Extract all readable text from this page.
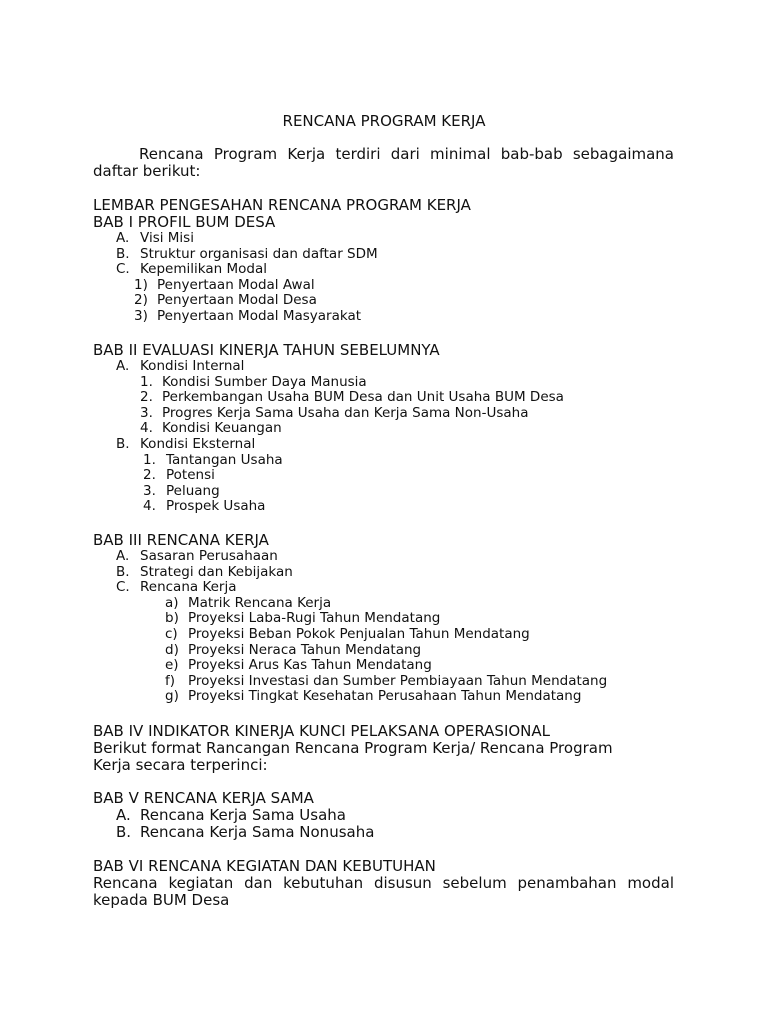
RENCANA PROGRAM KERJA
Rencana Program Kerja terdiri dari minimal bab-bab sebagaimana daftar berikut:
LEMBAR PENGESAHAN RENCANA PROGRAM KERJA
BAB I PROFIL BUM DESA
A. Visi Misi
B. Struktur organisasi dan daftar SDM
C. Kepemilikan Modal
1) Penyertaan Modal Awal
2) Penyertaan Modal Desa
3) Penyertaan Modal Masyarakat
BAB II EVALUASI KINERJA TAHUN SEBELUMNYA
A. Kondisi Internal
1. Kondisi Sumber Daya Manusia
2. Perkembangan Usaha BUM Desa dan Unit Usaha BUM Desa
3. Progres Kerja Sama Usaha dan Kerja Sama Non-Usaha
4. Kondisi Keuangan
B. Kondisi Eksternal
1. Tantangan Usaha
2. Potensi
3. Peluang
4. Prospek Usaha
BAB III RENCANA KERJA
A. Sasaran Perusahaan
B. Strategi dan Kebijakan
C. Rencana Kerja
a) Matrik Rencana Kerja
b) Proyeksi Laba-Rugi Tahun Mendatang
c) Proyeksi Beban Pokok Penjualan Tahun Mendatang
d) Proyeksi Neraca Tahun Mendatang
e) Proyeksi Arus Kas Tahun Mendatang
f) Proyeksi Investasi dan Sumber Pembiayaan Tahun Mendatang
g) Proyeksi Tingkat Kesehatan Perusahaan Tahun Mendatang
BAB IV INDIKATOR KINERJA KUNCI PELAKSANA OPERASIONAL
Berikut format Rancangan Rencana Program Kerja/ Rencana Program
Kerja secara terperinci:
BAB V RENCANA KERJA SAMA
A. Rencana Kerja Sama Usaha
B. Rencana Kerja Sama Nonusaha
BAB VI RENCANA KEGIATAN DAN KEBUTUHAN
Rencana kegiatan dan kebutuhan disusun sebelum penambahan modal kepada BUM Desa
